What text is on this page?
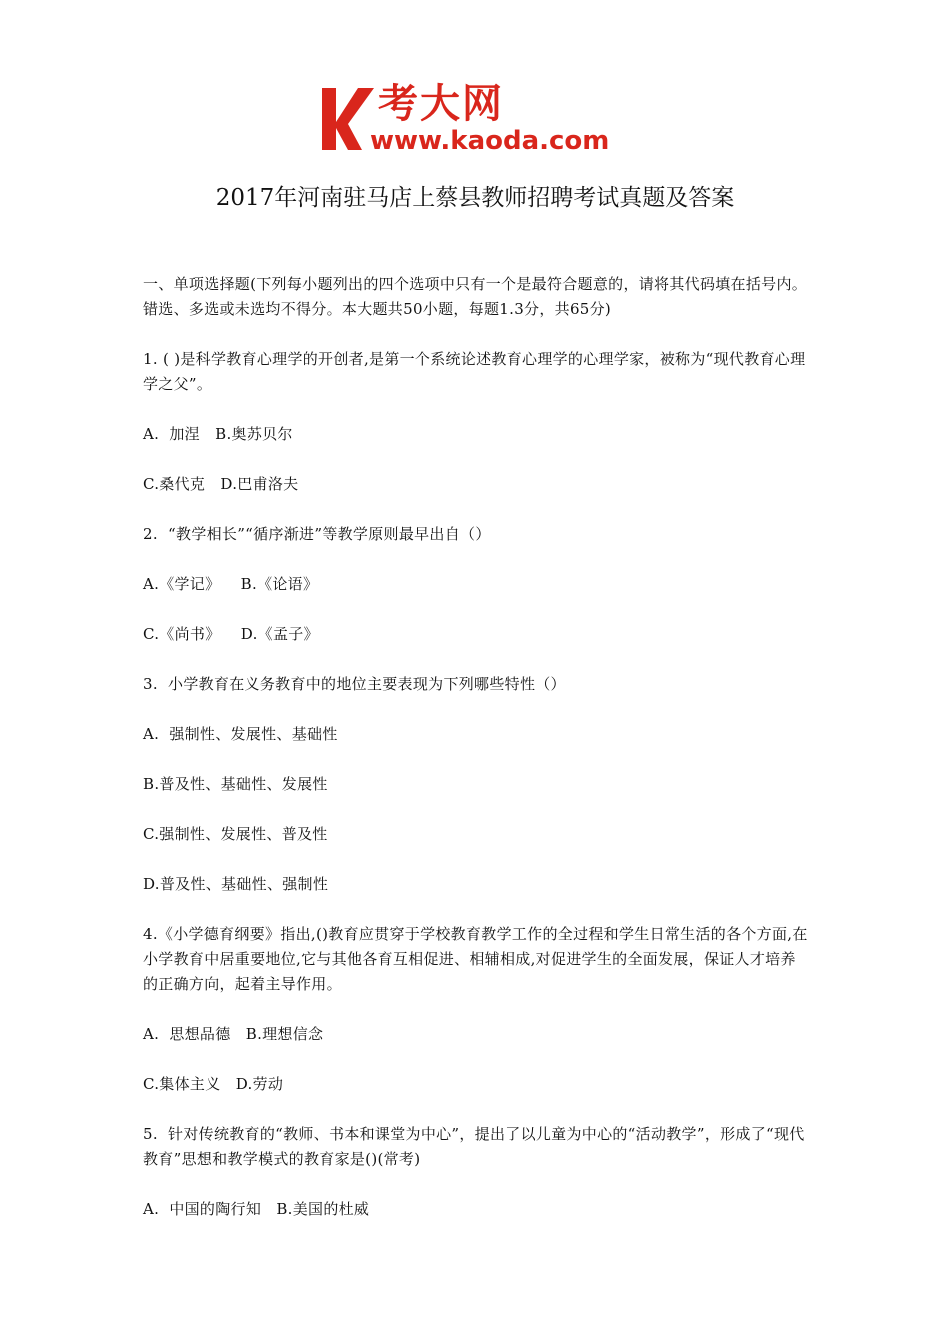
考大网
www.kaoda.com
2017年河南驻马店上蔡县教师招聘考试真题及答案

一、单项选择题(下列每小题列出的四个选项中只有一个是最符合题意的，请将其代码填在括号内。错选、多选或未选均不得分。本大题共50小题，每题1.3分，共65分)

1. ( )是科学教育心理学的开创者,是第一个系统论述教育心理学的心理学家，被称为“现代教育心理学之父”。

A.  加涅   B.奥苏贝尔

C.桑代克   D.巴甫洛夫

2.  “教学相长”“循序渐进”等教学原则最早出自（）

A.《学记》    B.《论语》

C.《尚书》    D.《孟子》

3.  小学教育在义务教育中的地位主要表现为下列哪些特性（）

A.  强制性、发展性、基础性

B.普及性、基础性、发展性

C.强制性、发展性、普及性

D.普及性、基础性、强制性

4.《小学德育纲要》指出,()教育应贯穿于学校教育教学工作的全过程和学生日常生活的各个方面,在小学教育中居重要地位,它与其他各育互相促进、相辅相成,对促进学生的全面发展，保证人才培养的正确方向，起着主导作用。

A.  思想品德   B.理想信念

C.集体主义   D.劳动

5.  针对传统教育的“教师、书本和课堂为中心”，提出了以儿童为中心的“活动教学”，形成了“现代教育”思想和教学模式的教育家是()(常考)

A.  中国的陶行知   B.美国的杜威
